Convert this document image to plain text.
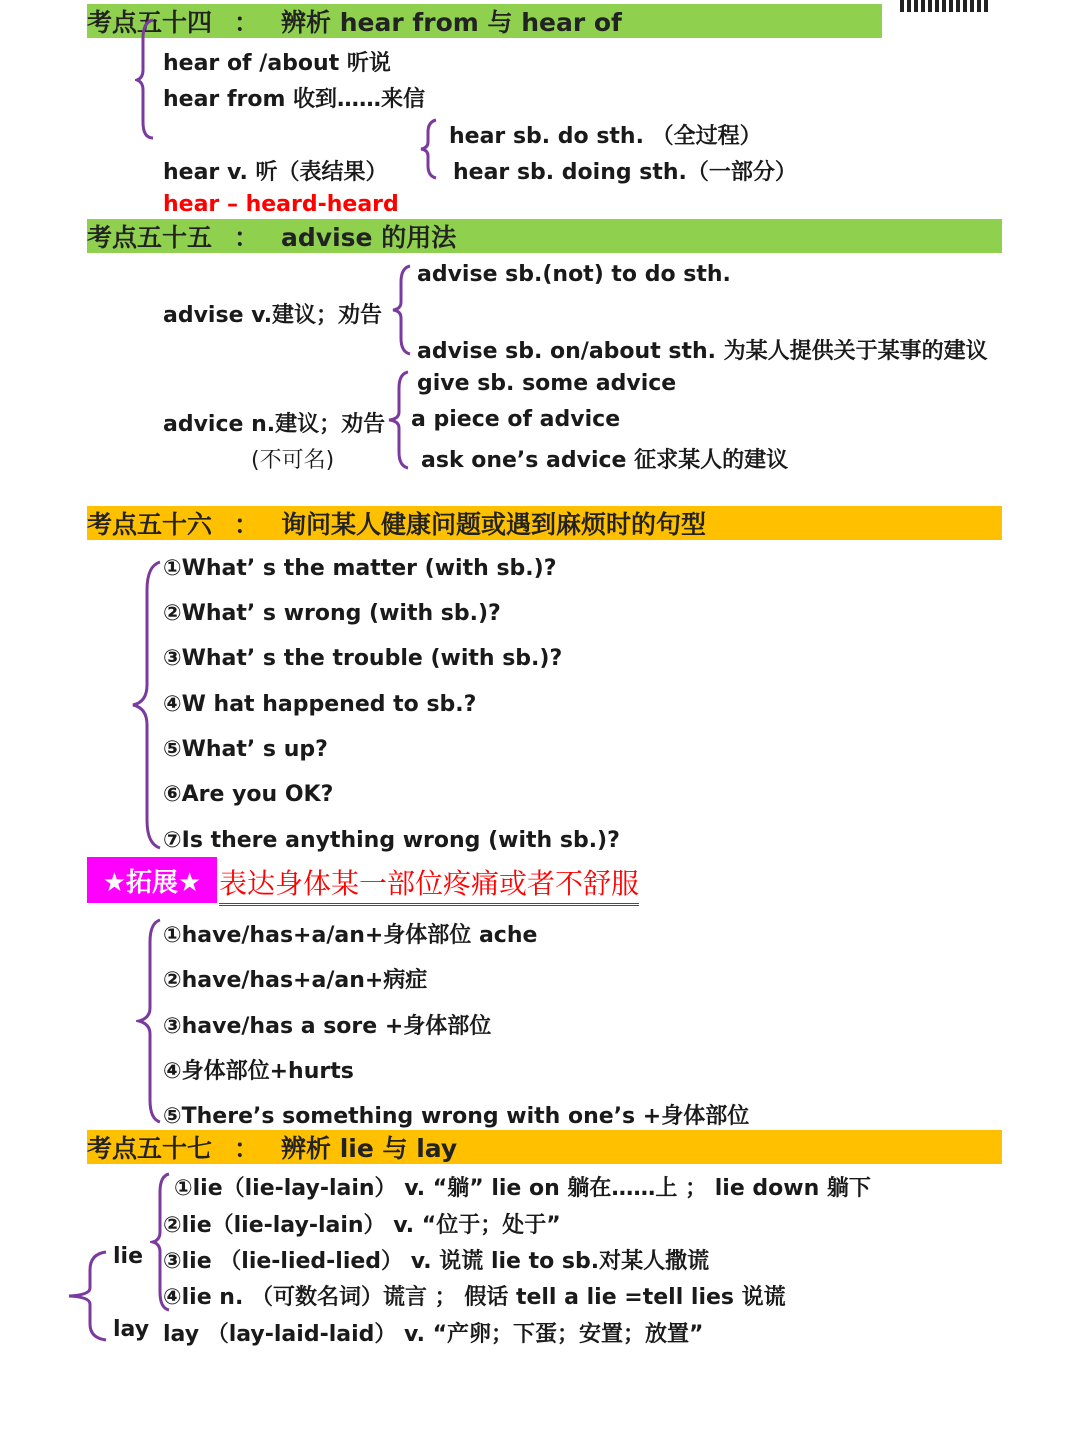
考点五十四 ： 辨析 hear from 与 hear of
hear of /about 听说
hear from 收到……来信
hear sb. do sth. （全过程）
hear sb. doing sth.（一部分）
hear v. 听（表结果）
hear – heard-heard
考点五十五 ： advise 的用法
advise v.建议；劝告
advise sb.(not) to do sth.
advise sb. on/about sth. 为某人提供关于某事的建议
advice n.建议；劝告
(不可名)
give sb. some advice
a piece of advice
ask one’s advice 征求某人的建议
考点五十六 ： 询问某人健康问题或遇到麻烦时的句型
①What’ s the matter (with sb.)?
②What’ s wrong (with sb.)?
③What’ s the trouble (with sb.)?
④W hat happened to sb.?
⑤What’ s up?
⑥Are you OK?
⑦Is there anything wrong (with sb.)?
★拓展★ 表达身体某一部位疼痛或者不舒服
①have/has+a/an+身体部位 ache
②have/has+a/an+病症
③have/has a sore +身体部位
④身体部位+hurts
⑤There’s something wrong with one’s +身体部位
考点五十七 ： 辨析 lie 与 lay
①lie（lie-lay-lain） v. “躺” lie on 躺在……上 ； lie down 躺下
②lie（lie-lay-lain） v. “位于；处于”
③lie （lie-lied-lied） v. 说谎 lie to sb.对某人撒谎
④lie n. （可数名词）谎言 ； 假话 tell a lie =tell lies 说谎
lay （lay-laid-laid） v. “产卵；下蛋；安置；放置”
lie
lay
